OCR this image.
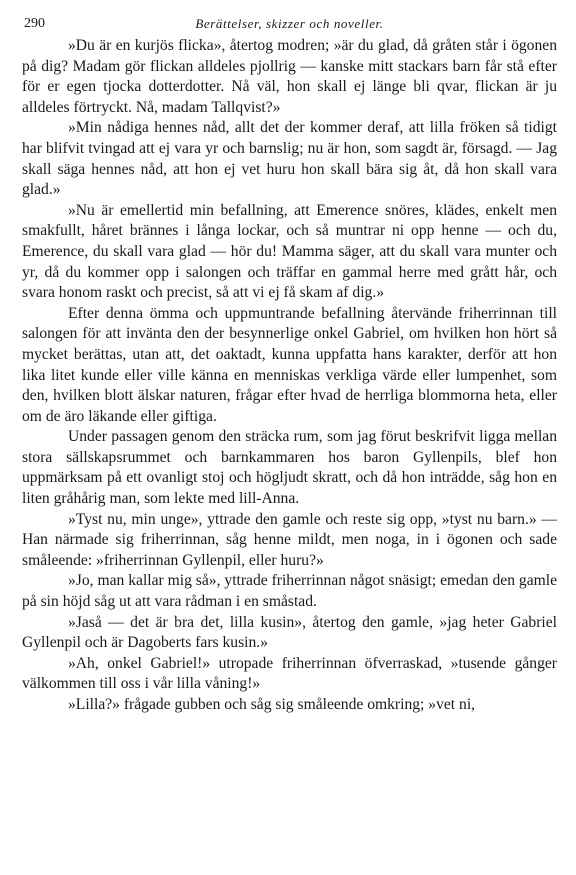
290	Berättelser, skizzer och noveller.

»Du är en kurjös flicka», återtog modren; »är du glad, då gråten står i ögonen på dig? Madam gör flickan alldeles pjollrig — kanske mitt stackars barn får stå efter för er egen tjocka dotterdotter. Nå väl, hon skall ej länge bli qvar, flickan är ju alldeles förtryckt. Nå, madam Tallqvist?»

»Min nådiga hennes nåd, allt det der kommer deraf, att lilla fröken så tidigt har blifvit tvingad att ej vara yr och barnslig; nu är hon, som sagdt är, försagd. — Jag skall säga hennes nåd, att hon ej vet huru hon skall bära sig åt, då hon skall vara glad.»

»Nu är emellertid min befallning, att Emerence snöres, klädes, enkelt men smakfullt, håret brännes i långa lockar, och så muntrar ni opp henne — och du, Emerence, du skall vara glad — hör du! Mamma säger, att du skall vara munter och yr, då du kommer opp i salongen och träffar en gammal herre med grått hår, och svara honom raskt och precist, så att vi ej få skam af dig.»

Efter denna ömma och uppmuntrande befallning återvände friherrinnan till salongen för att invänta den der besynnerlige onkel Gabriel, om hvilken hon hört så mycket berättas, utan att, det oaktadt, kunna uppfatta hans karakter, derför att hon lika litet kunde eller ville känna en menniskas verkliga värde eller lumpenhet, som den, hvilken blott älskar naturen, frågar efter hvad de herrliga blommorna heta, eller om de äro läkande eller giftiga.

Under passagen genom den sträcka rum, som jag förut beskrifvit ligga mellan stora sällskapsrummet och barnkammaren hos baron Gyllenpils, blef hon uppmärksam på ett ovanligt stoj och högljudt skratt, och då hon inträdde, såg hon en liten gråhårig man, som lekte med lill-Anna.

»Tyst nu, min unge», yttrade den gamle och reste sig opp, »tyst nu barn.» — Han närmade sig friherrinnan, såg henne mildt, men noga, in i ögonen och sade småleende: »friherrinnan Gyllenpil, eller huru?»

»Jo, man kallar mig så», yttrade friherrinnan något snäsigt; emedan den gamle på sin höjd såg ut att vara rådman i en småstad.

»Jaså — det är bra det, lilla kusin», återtog den gamle, »jag heter Gabriel Gyllenpil och är Dagoberts fars kusin.»

»Ah, onkel Gabriel!» utropade friherrinnan öfverraskad, »tusende gånger välkommen till oss i vår lilla våning!»

»Lilla?» frågade gubben och såg sig småleende omkring; »vet ni,
